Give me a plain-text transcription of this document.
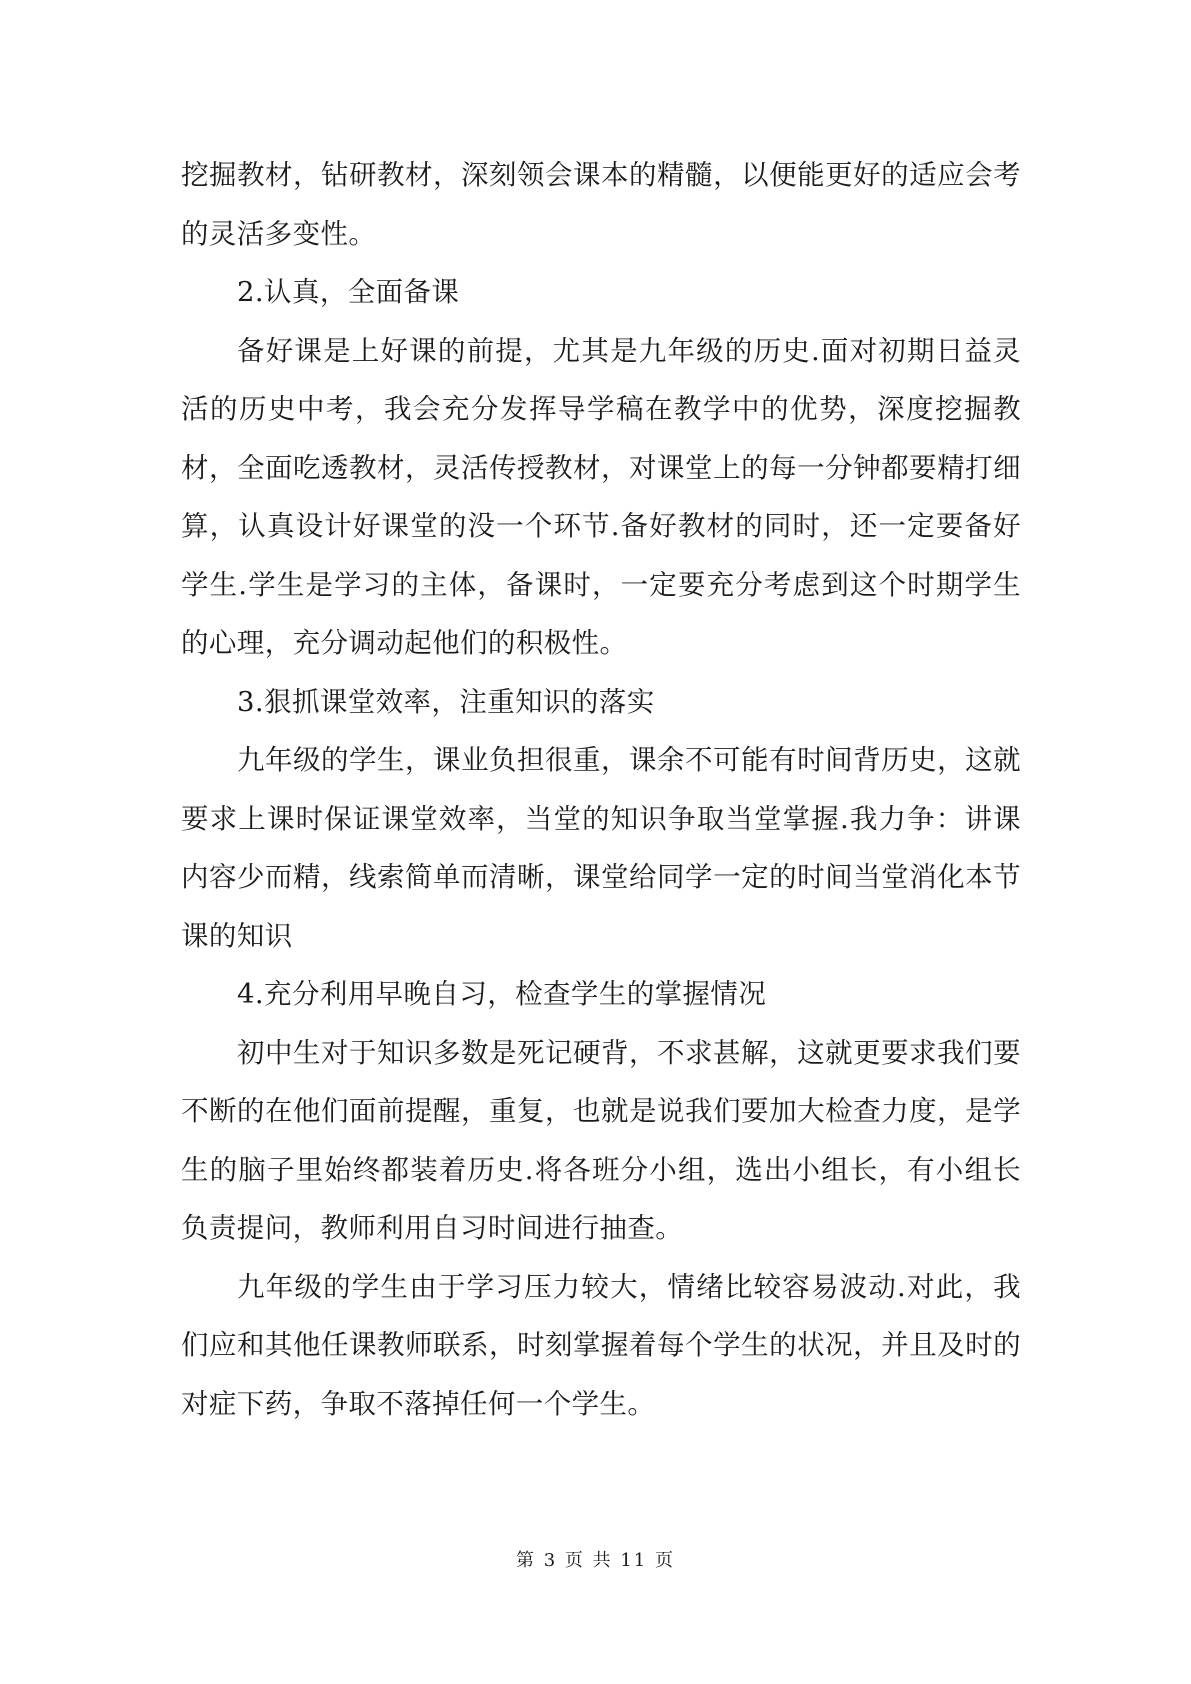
挖掘教材，钻研教材，深刻领会课本的精髓，以便能更好的适应会考的灵活多变性。

2.认真，全面备课

备好课是上好课的前提，尤其是九年级的历史.面对初期日益灵活的历史中考，我会充分发挥导学稿在教学中的优势，深度挖掘教材，全面吃透教材，灵活传授教材，对课堂上的每一分钟都要精打细算，认真设计好课堂的没一个环节.备好教材的同时，还一定要备好学生.学生是学习的主体，备课时，一定要充分考虑到这个时期学生的心理，充分调动起他们的积极性。

3.狠抓课堂效率，注重知识的落实

九年级的学生，课业负担很重，课余不可能有时间背历史，这就要求上课时保证课堂效率，当堂的知识争取当堂掌握.我力争：讲课内容少而精，线索简单而清晰，课堂给同学一定的时间当堂消化本节课的知识

4.充分利用早晚自习，检查学生的掌握情况

初中生对于知识多数是死记硬背，不求甚解，这就更要求我们要不断的在他们面前提醒，重复，也就是说我们要加大检查力度，是学生的脑子里始终都装着历史.将各班分小组，选出小组长，有小组长负责提问，教师利用自习时间进行抽查。

九年级的学生由于学习压力较大，情绪比较容易波动.对此，我们应和其他任课教师联系，时刻掌握着每个学生的状况，并且及时的对症下药，争取不落掉任何一个学生。

第 3 页 共 11 页
